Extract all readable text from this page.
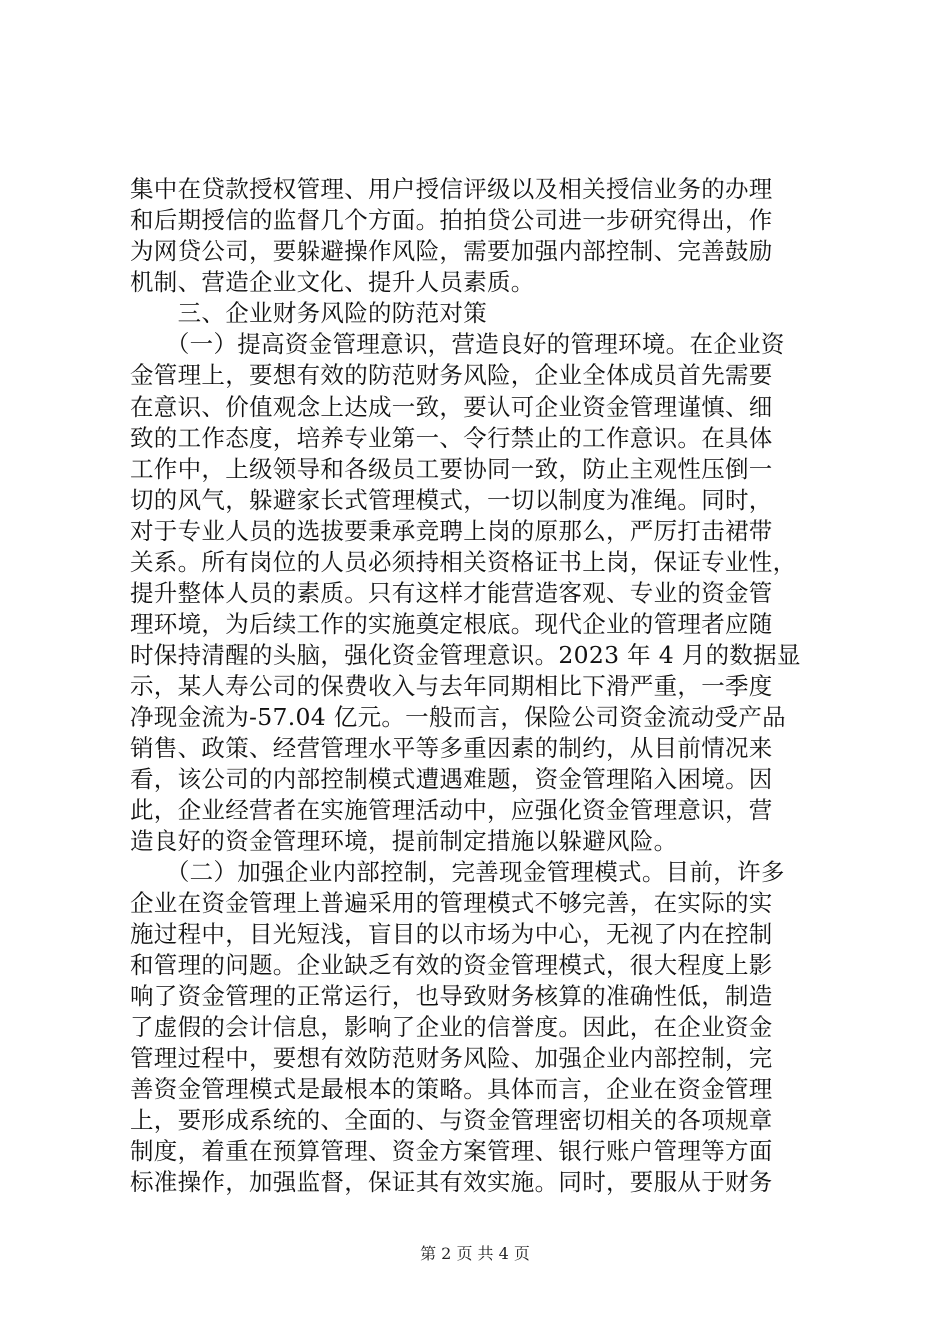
集中在贷款授权管理、用户授信评级以及相关授信业务的办理
和后期授信的监督几个方面。拍拍贷公司进一步研究得出，作
为网贷公司，要躲避操作风险，需要加强内部控制、完善鼓励
机制、营造企业文化、提升人员素质。
　　三、企业财务风险的防范对策
　　（一）提高资金管理意识，营造良好的管理环境。在企业资
金管理上，要想有效的防范财务风险，企业全体成员首先需要
在意识、价值观念上达成一致，要认可企业资金管理谨慎、细
致的工作态度，培养专业第一、令行禁止的工作意识。在具体
工作中，上级领导和各级员工要协同一致，防止主观性压倒一
切的风气，躲避家长式管理模式，一切以制度为准绳。同时，
对于专业人员的选拔要秉承竞聘上岗的原那么，严厉打击裙带
关系。所有岗位的人员必须持相关资格证书上岗，保证专业性，
提升整体人员的素质。只有这样才能营造客观、专业的资金管
理环境，为后续工作的实施奠定根底。现代企业的管理者应随
时保持清醒的头脑，强化资金管理意识。2023 年 4 月的数据显
示，某人寿公司的保费收入与去年同期相比下滑严重，一季度
净现金流为-57.04 亿元。一般而言，保险公司资金流动受产品
销售、政策、经营管理水平等多重因素的制约，从目前情况来
看，该公司的内部控制模式遭遇难题，资金管理陷入困境。因
此，企业经营者在实施管理活动中，应强化资金管理意识，营
造良好的资金管理环境，提前制定措施以躲避风险。
　　（二）加强企业内部控制，完善现金管理模式。目前，许多
企业在资金管理上普遍采用的管理模式不够完善，在实际的实
施过程中，目光短浅，盲目的以市场为中心，无视了内在控制
和管理的问题。企业缺乏有效的资金管理模式，很大程度上影
响了资金管理的正常运行，也导致财务核算的准确性低，制造
了虚假的会计信息，影响了企业的信誉度。因此，在企业资金
管理过程中，要想有效防范财务风险、加强企业内部控制，完
善资金管理模式是最根本的策略。具体而言，企业在资金管理
上，要形成系统的、全面的、与资金管理密切相关的各项规章
制度，着重在预算管理、资金方案管理、银行账户管理等方面
标准操作，加强监督，保证其有效实施。同时，要服从于财务
第 2 页 共 4 页
